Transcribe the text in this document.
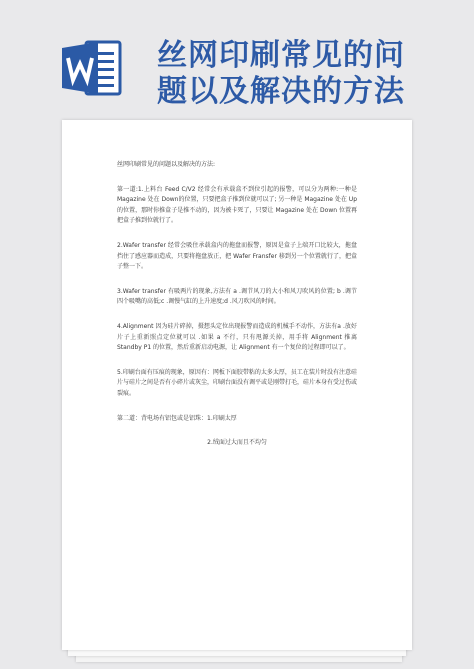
丝网印刷常见的问
题以及解决的方法

丝网印刷常见的问题以及解决的方法:

第一道:1.上料台 Feed C/V2 经常会有承载盒不到位引起的报警，可以分为两种:一种是 Magazine 处在 Down的位置，只要把盒子推到位就可以了; 另一种是 Magazine 处在 Up 的位置，那时你推盒子是推不动的，因为被卡死了，只要让 Magazine 处在 Down 位置再把盒子推到位就行了。

2.Wafer transfer 经常会吸住承载盒内的拖盘而报警，原因是盒子上端开口比较大，拖盘挡住了感应器而造成，只要将拖盘放正，把 Wafer Fransfer 移到另一个位置就行了，把盒子整一下。

3.Wafer transfer 有吸两片的现象,方法有 a .调节风刀的大小和风刀吹风的位置; b .调节四个吸嘴的高低;c .调慢气缸的上升速度;d .风刀吹风的时间。

4.Alignment 因为硅片碎掉，摄想头定位出现报警而造成的机械手不动作，方法有a .放好片子上重新照点定位就可以 .如果 a 不行，只有甩源关掉，用手将 Alignment 推离 Standby P1 的位置，然后重新启动电源，让 Alignment 有一个复位的过程即可以了。

5.印刷台面有压痕的现象，原因有：网板下面胶带粘的太多太厚，员工在装片时没有注意硅片与硅片之间是否有小碎片或灰尘，印刷台面没有调平或是刚带打毛，硅片本身有受过伤或裂痕。

第二道：背电场有铝包或是铝珠：1.印刷太厚

2.绒面过大而且不均匀
